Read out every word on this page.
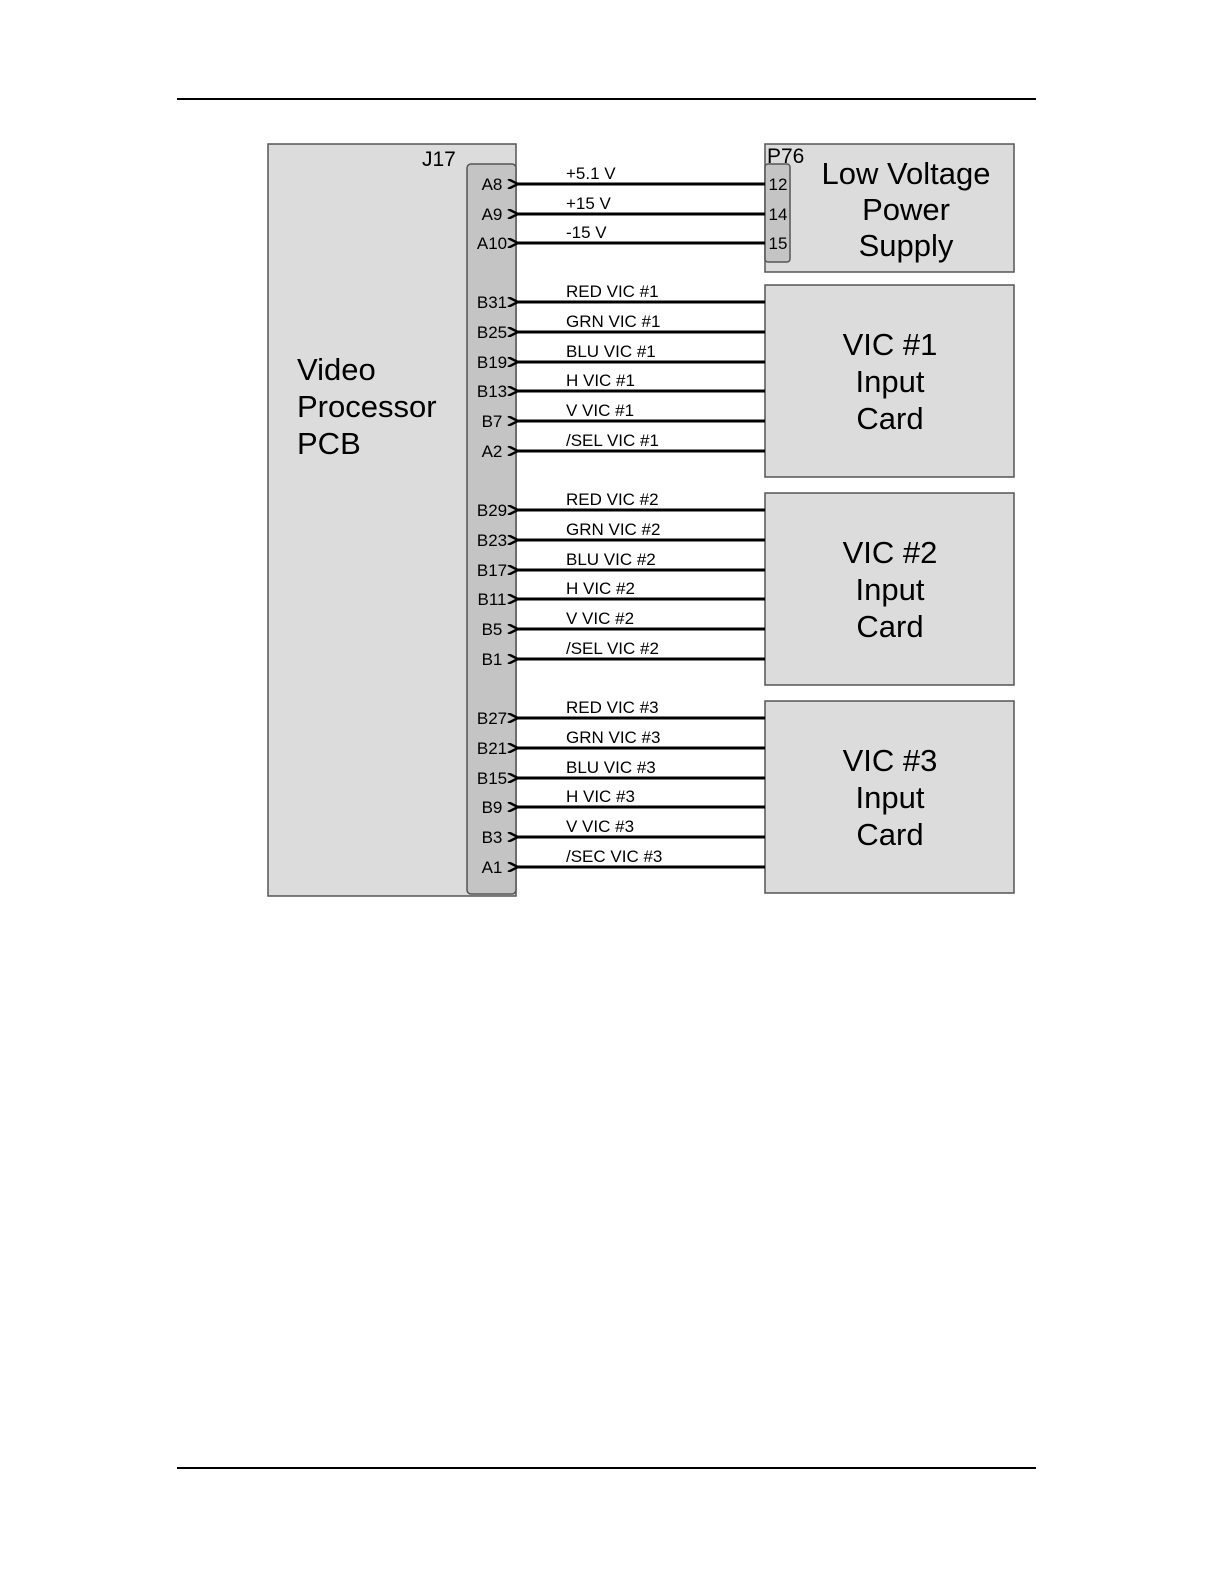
J17
Video
Processor
PCB
P76 Low Voltage
Power
Supply
A8
+5.1 V
12
A9
+15 V
14
A10
-15 V
15
B31
RED VIC #1
B25
GRN VIC #1
B19
BLU VIC #1
B13
H VIC #1
B7
V VIC #1
A2
/SEL VIC #1
B29
RED VIC #2
B23
GRN VIC #2
B17
BLU VIC #2
B11
H VIC #2
B5
V VIC #2
B1
/SEL VIC #2
B27
RED VIC #3
B21
GRN VIC #3
B15
BLU VIC #3
B9
H VIC #3
B3
V VIC #3
A1
/SEC VIC #3
VIC #1
Input
Card
VIC #2
Input
Card
VIC #3
Input
Card
